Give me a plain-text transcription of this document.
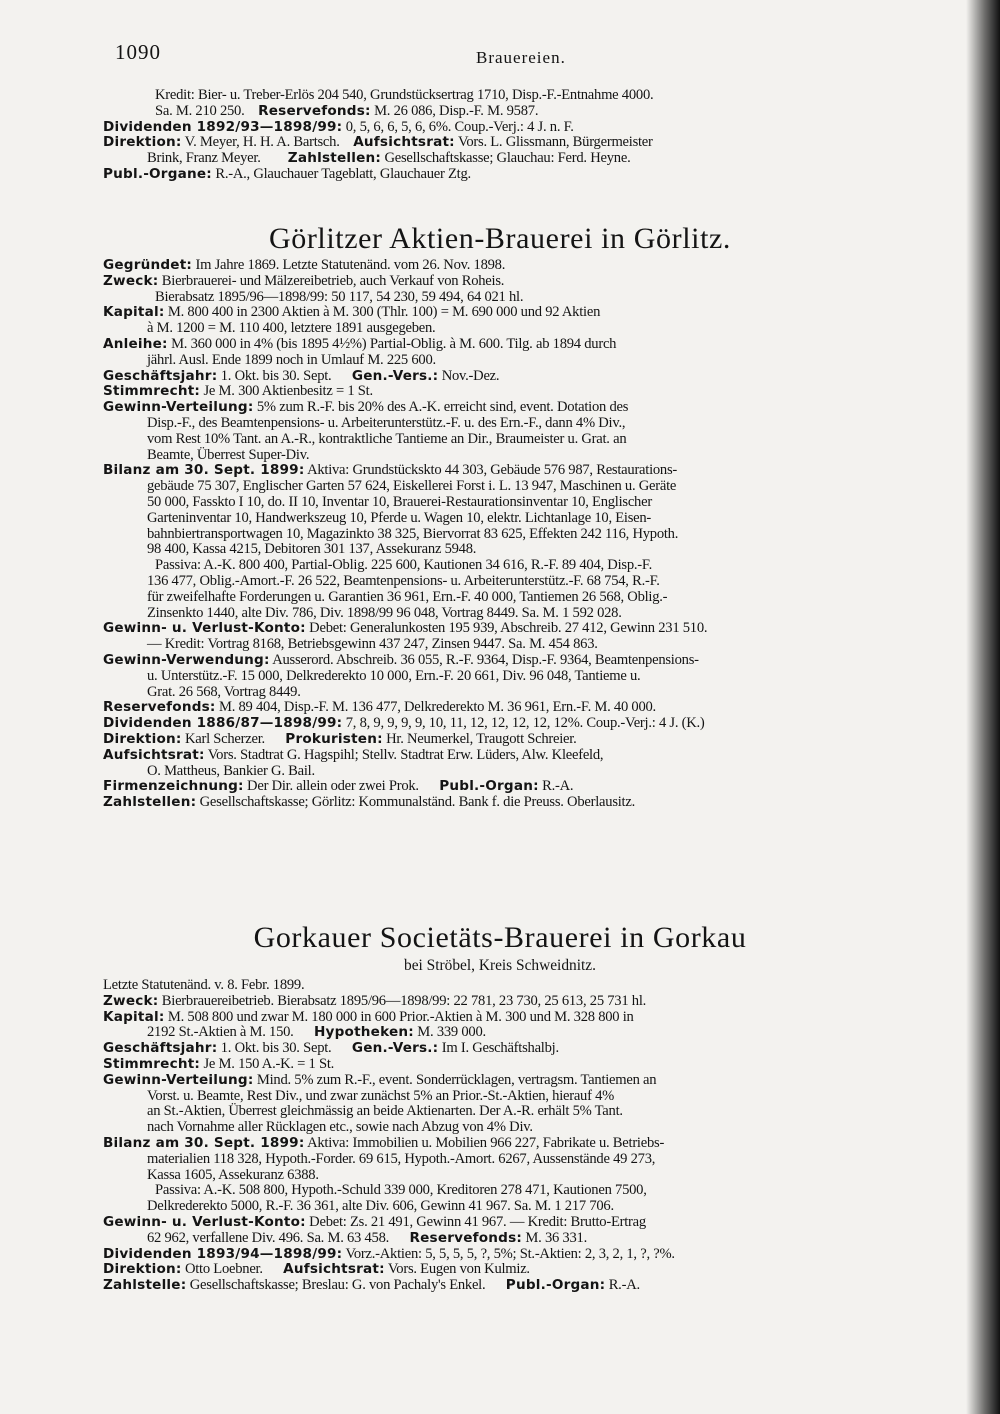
1090	Brauereien.
Kredit: Bier- u. Treber-Erlös 204 540, Grundstücksertrag 1710, Disp.-F.-Entnahme 4000.
Sa. M. 210 250. Reservefonds: M. 26 086, Disp.-F. M. 9587.
Dividenden 1892/93—1898/99: 0, 5, 6, 6, 5, 6, 6%. Coup.-Verj.: 4 J. n. F.
Direktion: V. Meyer, H. H. A. Bartsch. Aufsichtsrat: Vors. L. Glissmann, Bürgermeister
Brink, Franz Meyer. Zahlstellen: Gesellschaftskasse; Glauchau: Ferd. Heyne.
Publ.-Organe: R.-A., Glauchauer Tageblatt, Glauchauer Ztg.
Görlitzer Aktien-Brauerei in Görlitz.
Gegründet: Im Jahre 1869. Letzte Statutenänd. vom 26. Nov. 1898.
Zweck: Bierbrauerei- und Mälzereibetrieb, auch Verkauf von Roheis.
Bierabsatz 1895/96—1898/99: 50 117, 54 230, 59 494, 64 021 hl.
Kapital: M. 800 400 in 2300 Aktien à M. 300 (Thlr. 100) = M. 690 000 und 92 Aktien
à M. 1200 = M. 110 400, letztere 1891 ausgegeben.
Anleihe: M. 360 000 in 4% (bis 1895 4½%) Partial-Oblig. à M. 600. Tilg. ab 1894 durch
jährl. Ausl. Ende 1899 noch in Umlauf M. 225 600.
Geschäftsjahr: 1. Okt. bis 30. Sept. Gen.-Vers.: Nov.-Dez.
Stimmrecht: Je M. 300 Aktienbesitz = 1 St.
Gewinn-Verteilung: 5% zum R.-F. bis 20% des A.-K. erreicht sind, event. Dotation des
Disp.-F., des Beamtenpensions- u. Arbeiterunterstütz.-F. u. des Ern.-F., dann 4% Div.,
vom Rest 10% Tant. an A.-R., kontraktliche Tantieme an Dir., Braumeister u. Grat. an
Beamte, Überrest Super-Div.
Bilanz am 30. Sept. 1899: Aktiva: Grundstückskto 44 303, Gebäude 576 987, Restaurations-
gebäude 75 307, Englischer Garten 57 624, Eiskellerei Forst i. L. 13 947, Maschinen u. Geräte
50 000, Fasskto I 10, do. II 10, Inventar 10, Brauerei-Restaurationsinventar 10, Englischer
Garteninventar 10, Handwerkszeug 10, Pferde u. Wagen 10, elektr. Lichtanlage 10, Eisen-
bahnbiertransportwagen 10, Magazinkto 38 325, Biervorrat 83 625, Effekten 242 116, Hypoth.
98 400, Kassa 4215, Debitoren 301 137, Assekuranz 5948.
Passiva: A.-K. 800 400, Partial-Oblig. 225 600, Kautionen 34 616, R.-F. 89 404, Disp.-F.
136 477, Oblig.-Amort.-F. 26 522, Beamtenpensions- u. Arbeiterunterstütz.-F. 68 754, R.-F.
für zweifelhafte Forderungen u. Garantien 36 961, Ern.-F. 40 000, Tantiemen 26 568, Oblig.-
Zinsenkto 1440, alte Div. 786, Div. 1898/99 96 048, Vortrag 8449. Sa. M. 1 592 028.
Gewinn- u. Verlust-Konto: Debet: Generalunkosten 195 939, Abschreib. 27 412, Gewinn 231 510.
— Kredit: Vortrag 8168, Betriebsgewinn 437 247, Zinsen 9447. Sa. M. 454 863.
Gewinn-Verwendung: Ausserord. Abschreib. 36 055, R.-F. 9364, Disp.-F. 9364, Beamtenpensions-
u. Unterstütz.-F. 15 000, Delkrederekto 10 000, Ern.-F. 20 661, Div. 96 048, Tantieme u.
Grat. 26 568, Vortrag 8449.
Reservefonds: M. 89 404, Disp.-F. M. 136 477, Delkrederekto M. 36 961, Ern.-F. M. 40 000.
Dividenden 1886/87—1898/99: 7, 8, 9, 9, 9, 9, 10, 11, 12, 12, 12, 12, 12%. Coup.-Verj.: 4 J. (K.)
Direktion: Karl Scherzer. Prokuristen: Hr. Neumerkel, Traugott Schreier.
Aufsichtsrat: Vors. Stadtrat G. Hagspihl; Stellv. Stadtrat Erw. Lüders, Alw. Kleefeld,
O. Mattheus, Bankier G. Bail.
Firmenzeichnung: Der Dir. allein oder zwei Prok. Publ.-Organ: R.-A.
Zahlstellen: Gesellschaftskasse; Görlitz: Kommunalständ. Bank f. die Preuss. Oberlausitz.
Gorkauer Societäts-Brauerei in Gorkau
bei Ströbel, Kreis Schweidnitz.
Letzte Statutenänd. v. 8. Febr. 1899.
Zweck: Bierbrauereibetrieb. Bierabsatz 1895/96—1898/99: 22 781, 23 730, 25 613, 25 731 hl.
Kapital: M. 508 800 und zwar M. 180 000 in 600 Prior.-Aktien à M. 300 und M. 328 800 in
2192 St.-Aktien à M. 150. Hypotheken: M. 339 000.
Geschäftsjahr: 1. Okt. bis 30. Sept. Gen.-Vers.: Im I. Geschäftshalbj.
Stimmrecht: Je M. 150 A.-K. = 1 St.
Gewinn-Verteilung: Mind. 5% zum R.-F., event. Sonderrücklagen, vertragsm. Tantiemen an
Vorst. u. Beamte, Rest Div., und zwar zunächst 5% an Prior.-St.-Aktien, hierauf 4%
an St.-Aktien, Überrest gleichmässig an beide Aktienarten. Der A.-R. erhält 5% Tant.
nach Vornahme aller Rücklagen etc., sowie nach Abzug von 4% Div.
Bilanz am 30. Sept. 1899: Aktiva: Immobilien u. Mobilien 966 227, Fabrikate u. Betriebs-
materialien 118 328, Hypoth.-Forder. 69 615, Hypoth.-Amort. 6267, Aussenstände 49 273,
Kassa 1605, Assekuranz 6388.
Passiva: A.-K. 508 800, Hypoth.-Schuld 339 000, Kreditoren 278 471, Kautionen 7500,
Delkrederekto 5000, R.-F. 36 361, alte Div. 606, Gewinn 41 967. Sa. M. 1 217 706.
Gewinn- u. Verlust-Konto: Debet: Zs. 21 491, Gewinn 41 967. — Kredit: Brutto-Ertrag
62 962, verfallene Div. 496. Sa. M. 63 458. Reservefonds: M. 36 331.
Dividenden 1893/94—1898/99: Vorz.-Aktien: 5, 5, 5, 5, ?, 5%; St.-Aktien: 2, 3, 2, 1, ?, ?%.
Direktion: Otto Loebner. Aufsichtsrat: Vors. Eugen von Kulmiz.
Zahlstelle: Gesellschaftskasse; Breslau: G. von Pachaly's Enkel. Publ.-Organ: R.-A.
